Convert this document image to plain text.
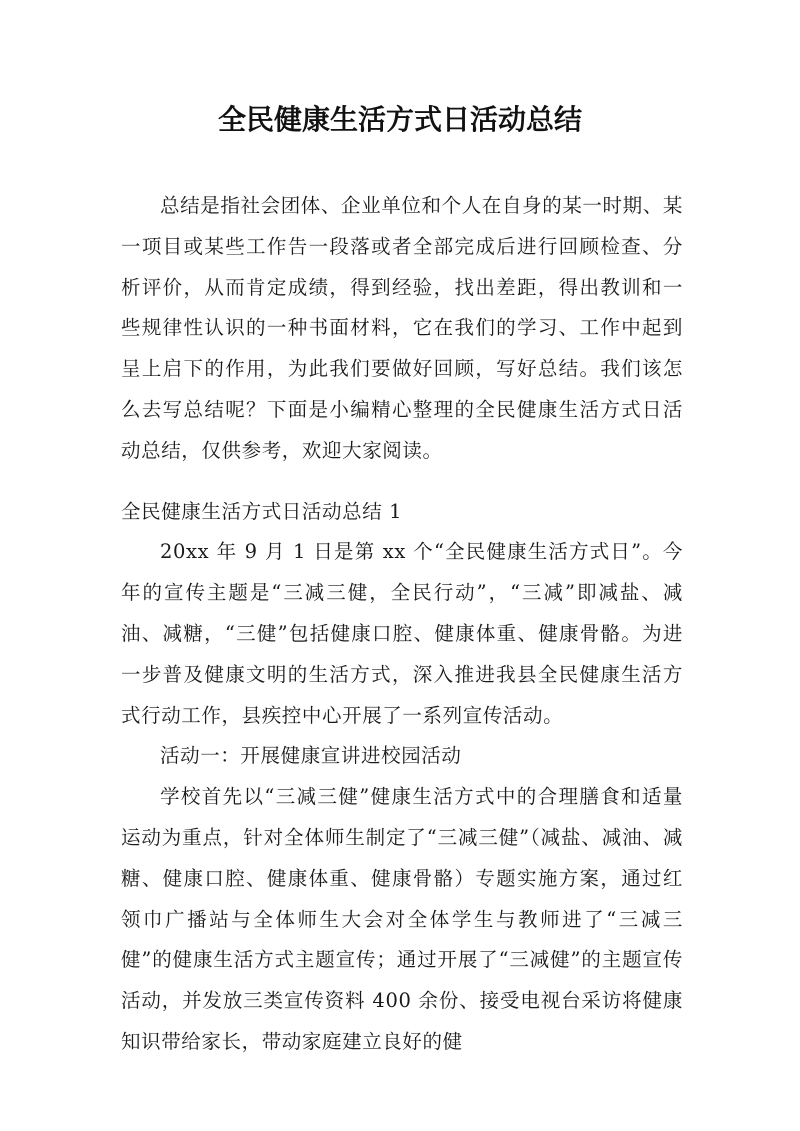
全民健康生活方式日活动总结

总结是指社会团体、企业单位和个人在自身的某一时期、某一项目或某些工作告一段落或者全部完成后进行回顾检查、分析评价，从而肯定成绩，得到经验，找出差距，得出教训和一些规律性认识的一种书面材料，它在我们的学习、工作中起到呈上启下的作用，为此我们要做好回顾，写好总结。我们该怎么去写总结呢？下面是小编精心整理的全民健康生活方式日活动总结，仅供参考，欢迎大家阅读。

全民健康生活方式日活动总结 1

20xx 年 9 月 1 日是第 xx 个“全民健康生活方式日”。今年的宣传主题是“三减三健，全民行动”，“三减”即减盐、减油、减糖，“三健”包括健康口腔、健康体重、健康骨骼。为进一步普及健康文明的生活方式，深入推进我县全民健康生活方式行动工作，县疾控中心开展了一系列宣传活动。

活动一：开展健康宣讲进校园活动

学校首先以“三减三健”健康生活方式中的合理膳食和适量运动为重点，针对全体师生制定了“三减三健”（减盐、减油、减糖、健康口腔、健康体重、健康骨骼）专题实施方案，通过红领巾广播站与全体师生大会对全体学生与教师进了“三减三健”的健康生活方式主题宣传；通过开展了“三减健”的主题宣传活动，并发放三类宣传资料 400 余份、接受电视台采访将健康知识带给家长，带动家庭建立良好的健
